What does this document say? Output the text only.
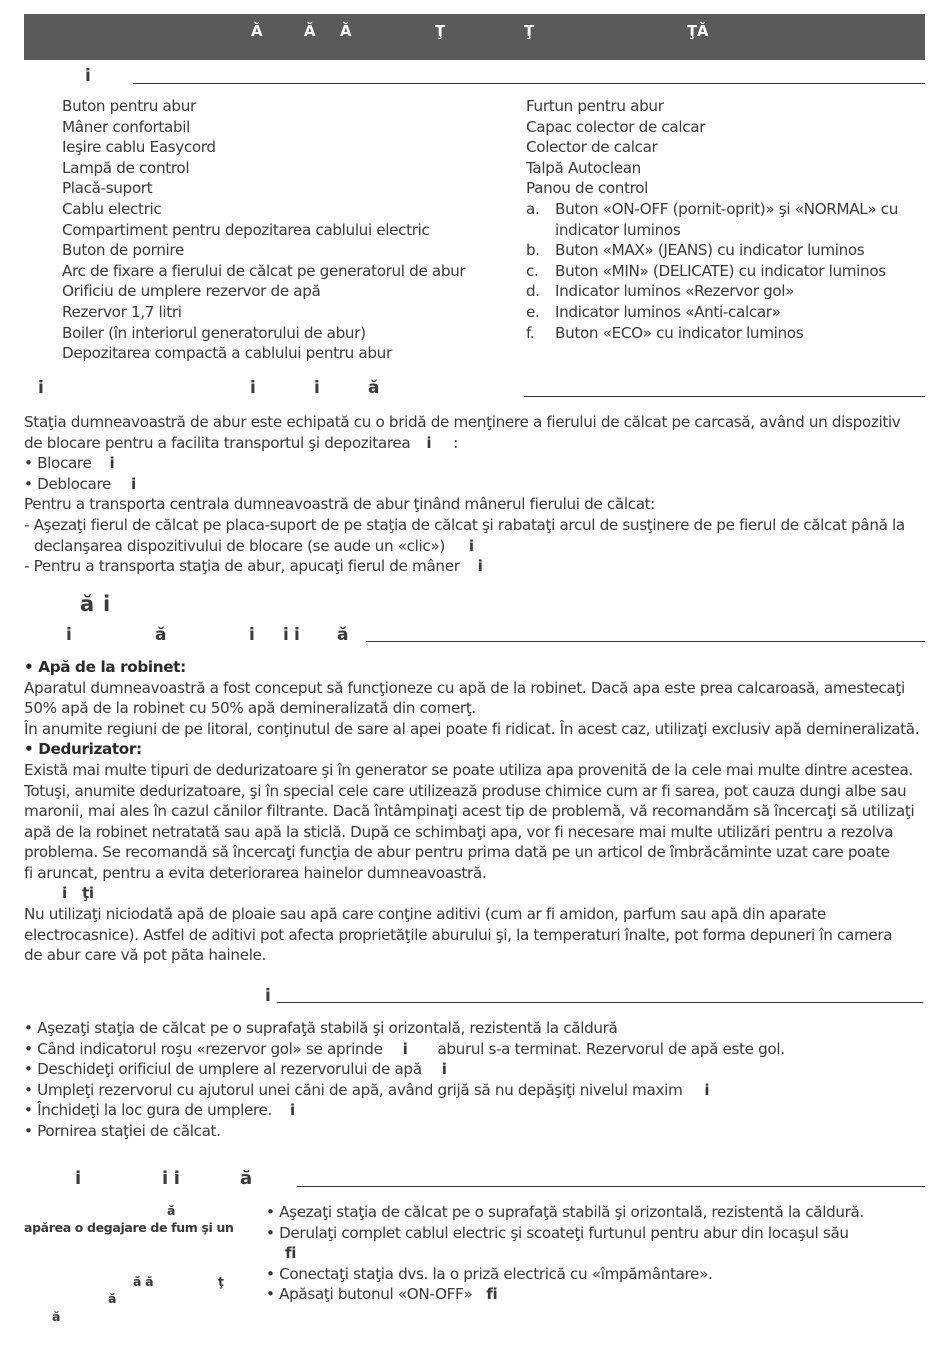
Ă	Ă Ă	Ţ	Ţ	ŢĂ
i
Buton pentru abur
Mâner confortabil
Ieşire cablu Easycord
Lampă de control
Placă-suport
Cablu electric
Compartiment pentru depozitarea cablului electric
Buton de pornire
Arc de fixare a fierului de călcat pe generatorul de abur
Orificiu de umplere rezervor de apă
Rezervor 1,7 litri
Boiler (în interiorul generatorului de abur)
Depozitarea compactă a cablului pentru abur
Furtun pentru abur
Capac colector de calcar
Colector de calcar
Talpă Autoclean
Panou de control
a. Buton «ON-OFF (pornit-oprit)» şi «NORMAL» cu
indicator luminos
b. Buton «MAX» (JEANS) cu indicator luminos
c. Buton «MIN» (DELICATE) cu indicator luminos
d. Indicator luminos «Rezervor gol»
e. Indicator luminos «Anti-calcar»
f. Buton «ECO» cu indicator luminos
i	i	i	ă
Staţia dumneavoastră de abur este echipată cu o bridă de menţinere a fierului de călcat pe carcasă, având un dispozitiv
de blocare pentru a facilita transportul şi depozitarea i :
• Blocare i
• Deblocare i
Pentru a transporta centrala dumneavoastră de abur ţinând mânerul fierului de călcat:
- Aşezaţi fierul de călcat pe placa-suport de pe staţia de călcat şi rabataţi arcul de susţinere de pe fierul de călcat până la
declanşarea dispozitivului de blocare (se aude un «clic») i
- Pentru a transporta staţia de abur, apucaţi fierul de mâner i
ă i
i	ă	i i i ă
• Apă de la robinet:
Aparatul dumneavoastră a fost conceput să funcţioneze cu apă de la robinet. Dacă apa este prea calcaroasă, amestecaţi
50% apă de la robinet cu 50% apă demineralizată din comerţ.
În anumite regiuni de pe litoral, conţinutul de sare al apei poate fi ridicat. În acest caz, utilizaţi exclusiv apă demineralizată.
• Dedurizator:
Există mai multe tipuri de dedurizatoare şi în generator se poate utiliza apa provenită de la cele mai multe dintre acestea.
Totuşi, anumite dedurizatoare, şi în special cele care utilizează produse chimice cum ar fi sarea, pot cauza dungi albe sau
maronii, mai ales în cazul cănilor filtrante. Dacă întâmpinaţi acest tip de problemă, vă recomandăm să încercaţi să utilizaţi
apă de la robinet netratată sau apă la sticlă. După ce schimbaţi apa, vor fi necesare mai multe utilizări pentru a rezolva
problema. Se recomandă să încercaţi funcţia de abur pentru prima dată pe un articol de îmbrăcăminte uzat care poate
fi aruncat, pentru a evita deteriorarea hainelor dumneavoastră.
i ţi
Nu utilizaţi niciodată apă de ploaie sau apă care conţine aditivi (cum ar fi amidon, parfum sau apă din aparate
electrocasnice). Astfel de aditivi pot afecta proprietăţile aburului şi, la temperaturi înalte, pot forma depuneri în camera
de abur care vă pot păta hainele.
i
• Aşezaţi staţia de călcat pe o suprafaţă stabilă şi orizontală, rezistentă la căldură
• Când indicatorul roşu «rezervor gol» se aprinde i aburul s-a terminat. Rezervorul de apă este gol.
• Deschideţi orificiul de umplere al rezervorului de apă i
• Umpleţi rezervorul cu ajutorul unei căni de apă, având grijă să nu depăşiţi nivelul maxim i
• Închideţi la loc gura de umplere. i
• Pornirea staţiei de călcat.
i	i i	ă
ă
apărea o degajare de fum şi un
ă ă	ţ
ă
ă
• Aşezaţi staţia de călcat pe o suprafaţă stabilă şi orizontală, rezistentă la căldură.
• Derulaţi complet cablul electric şi scoateţi furtunul pentru abur din locaşul său
fi
• Conectaţi staţia dvs. la o priză electrică cu «împământare».
• Apăsaţi butonul «ON-OFF» fi
